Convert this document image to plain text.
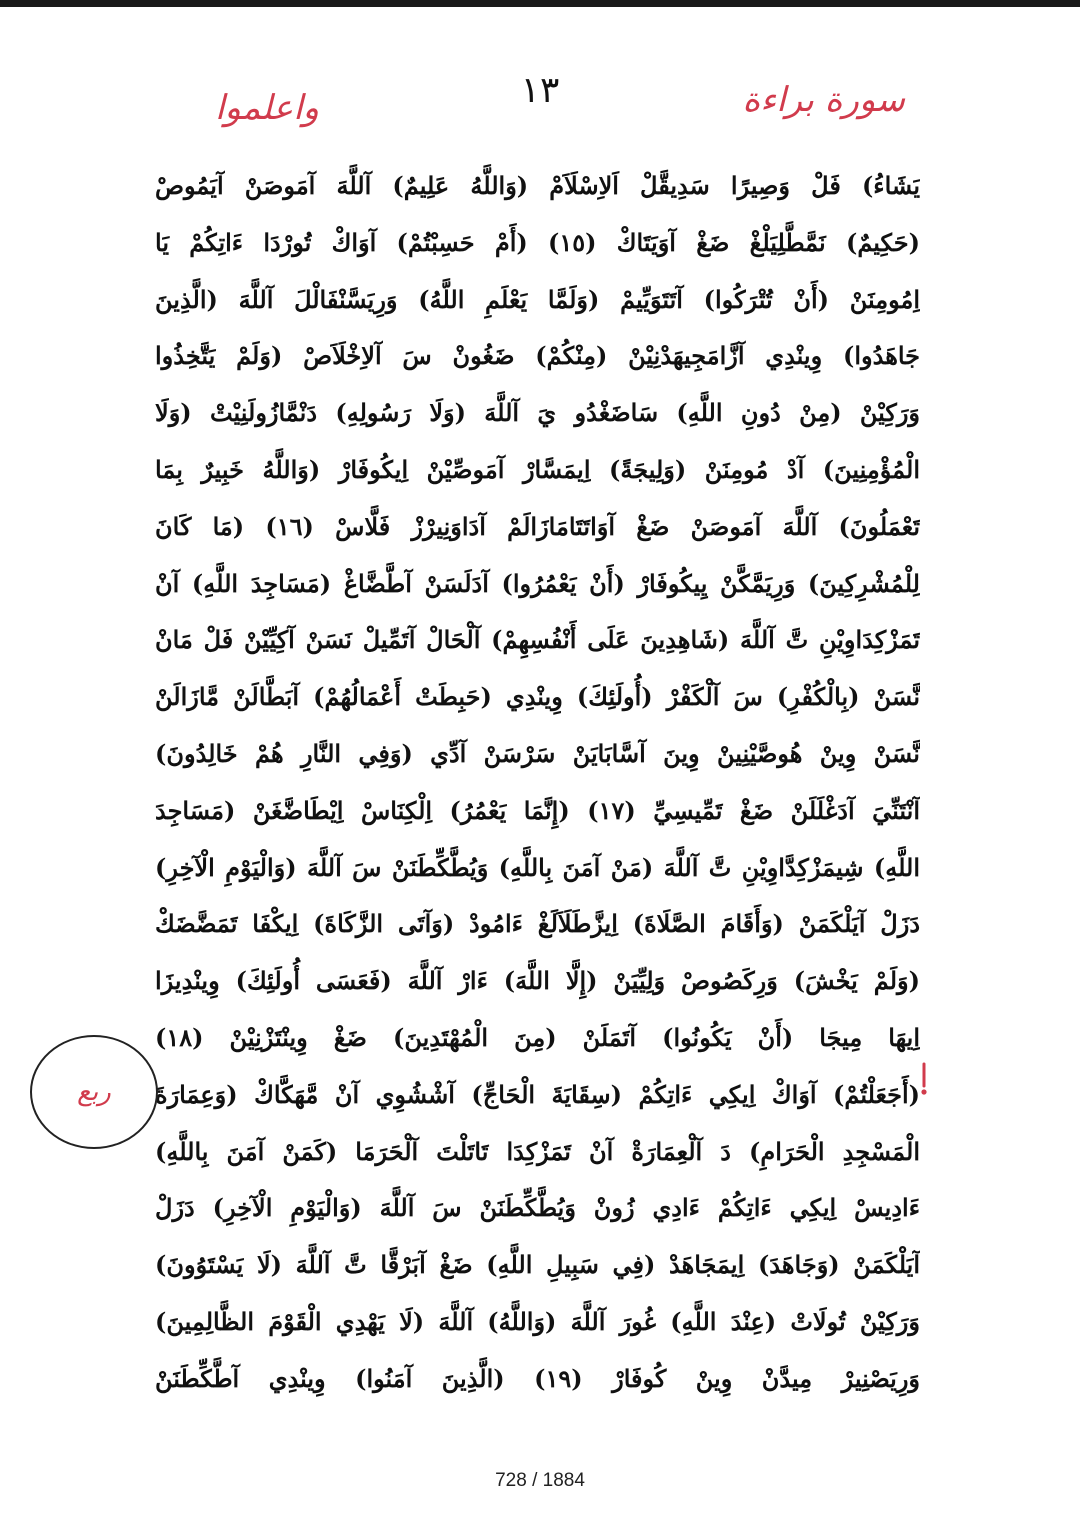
سورة براءة
١٣
واعلموا
يَشَاءُ) فَلْ وَصِيرًا سَدِيقَّلْ اَلاِسْلَاَمْ (وَاللَّهُ عَلِيمٌ) آللَّهَ آمَوصَنْ آيَمُوصْ
(حَكِيمٌ) نَمَّطَّلِيَلْغْ ضَغْ آوَيَتَاكْ (١٥) (أَمْ حَسِبْتُمْ) آوَاكْ تُورْدَا ءَاتِكُمْ يَا
اِمُومِنَنْ (أَنْ تُتْرَكُوا) آتَتَوَيِّيمْ (وَلَمَّا يَعْلَمِ اللَّهُ) وَرِيَسَّنْفَالْلَ آللَّهَ (الَّذِينَ
جَاهَدُوا) وِينْدِي آزَّامَجِيهَدْنِيْنْ (مِنْكُمْ) ضَغُونْ سَ آلاِخْلَاَصْ (وَلَمْ يَتَّخِذُوا
وَرَكِيْنْ (مِنْ دُونِ اللَّهِ) سَاضَغْدُو يَ آللَّهَ (وَلَا رَسُولِهِ) دَنْمَّازُولَنِيْتْ (وَلَا
الْمُؤْمِنِينَ) آدْ مُومِنَنْ (وَلِيجَةً) اِيمَسَّارْ آمَوصِّيْنْ اِيكُوفَارْ (وَاللَّهُ خَبِيرٌ بِمَا
تَعْمَلُونَ) آللَّهَ آمَوصَنْ ضَغْ آوَاتَتَامَازَالَمْ آدَاوَنِيرْزْ فَلَّاسْ (١٦) (مَا كَانَ
لِلْمُشْرِكِينَ) وَرِيَمَّكَّنْ يِيكُوفَارْ (أَنْ يَعْمُرُوا) آدَلَسَنْ آطَّضَّاغْ (مَسَاجِدَ اللَّهِ) آنْ
تَمَزْكِدَاوِيْنِ تَّ آللَّهَ (شَاهِدِينَ عَلَى أَنْفُسِهِمْ) آلْحَالْ آتَمِّيلْ نَسَنْ آكِيِّيْنْ فَلْ مَانْ
نَّسَنْ (بِالْكُفْرِ) سَ آلْكَفْرْ (أُولَئِكَ) وِينْدِي (حَبِطَتْ أَعْمَالُهُمْ) آبَطَّالَنْ مَّازَالَنْ
نَّسَنْ وِينْ هُوصَّيْنِينْ وِينَ آسَّابَايَنْ سَرْسَنْ آدِّي (وَفِي النَّارِ هُمْ خَالِدُونَ)
آنْتَنِّيَ آدَغْلَلَنْ ضَغْ تَمِّيسِيِّ (١٧) (إِنَّمَا يَعْمُرُ) اِلْكِنَاسْ اِيْطَاضَّغَنْ (مَسَاجِدَ
اللَّهِ) شِيمَزْكِدَّاوِيْنِ تَّ آللَّهَ (مَنْ آمَنَ بِاللَّهِ) وَيُطَّكِّطَنَنْ سَ آللَّهَ (وَالْيَوْمِ الْآخِرِ)
دَزَلْ آيَلْكَمَنْ (وَأَقَامَ الصَّلَاةَ) اِيزَّطَلَاَلَغْ ءَامُودْ (وَآتَى الزَّكَاةَ) اِيكْفَا تَمَضَّضَكْ
(وَلَمْ يَخْشَ) وَرِكَصُوصْ وَلِيِّيَنْ (إِلَّا اللَّهَ) ءَارْ آللَّهَ (فَعَسَى أُولَئِكَ) وِينْدِيزَا
اِيهَا مِيجَا (أَنْ يَكُونُوا) آتَمَلَنْ (مِنَ الْمُهْتَدِينَ) ضَغْ وِينْتَزْنِيْنْ (١٨)
(أَجَعَلْتُمْ) آوَاكْ اِيكِي ءَاتِكُمْ (سِقَايَةَ الْحَاجِّ) آشْشُوِي آنْ مَّهَكَّاكْ (وَعِمَارَةَ
الْمَسْجِدِ الْحَرَامِ) دَ آلْعِمَارَةْ آنْ تَمَزْكِدَا تَاتَلْتَ آلْحَرَمَا (كَمَنْ آمَنَ بِاللَّهِ)
ءَادِيسْ اِيكِي ءَاتِكُمْ ءَادِي زُونْ وَيُطَّكِّطَنَنْ سَ آللَّهَ (وَالْيَوْمِ الْآخِرِ) دَزَلْ
آيَلْكَمَنْ (وَجَاهَدَ) اِيمَجَاهَدْ (فِي سَبِيلِ اللَّهِ) ضَغْ آبَرْقَّا تَّ آللَّهَ (لَا يَسْتَوُونَ)
وَرَكِيْنْ تُولَاتْ (عِنْدَ اللَّهِ) غُورَ آللَّهَ (وَاللَّهُ) آللَّهَ (لَا يَهْدِي الْقَوْمَ الظَّالِمِينَ)
وَرِيَصْنِيرْ مِيدَّنْ وِينْ كُوفَارْ (١٩) (الَّذِينَ آمَنُوا) وِينْدِي آطَّكِّطَنَنْ
ربع
728 / 1884
